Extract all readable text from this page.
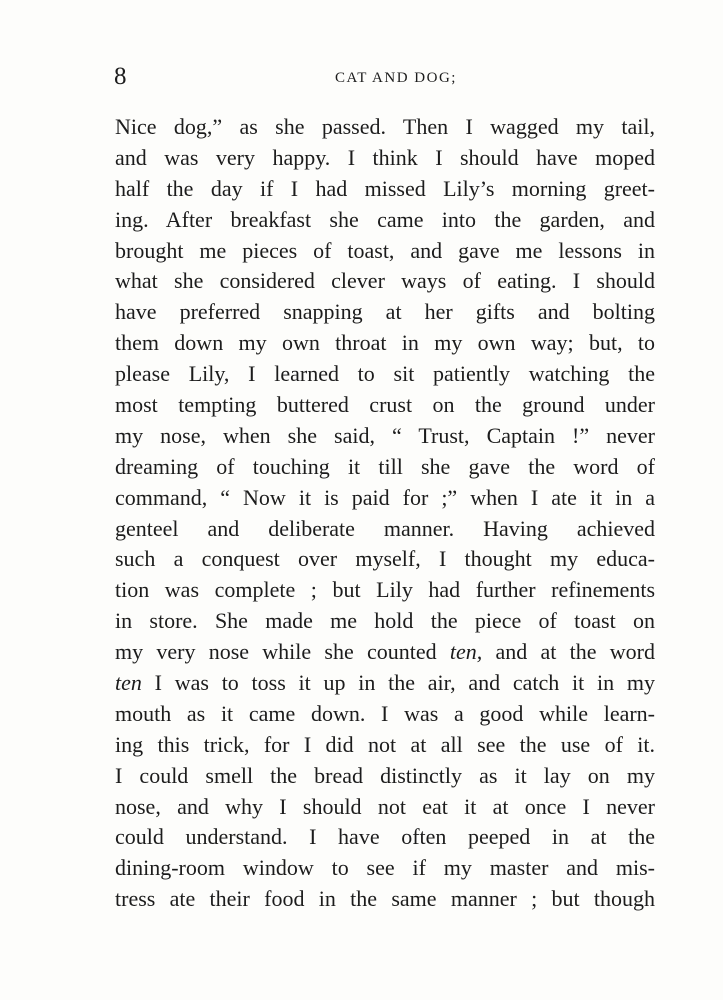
8	CAT AND DOG;
Nice dog,” as she passed. Then I wagged my tail,
and was very happy. I think I should have moped
half the day if I had missed Lily’s morning greet-
ing. After breakfast she came into the garden, and
brought me pieces of toast, and gave me lessons in
what she considered clever ways of eating. I should
have preferred snapping at her gifts and bolting
them down my own throat in my own way; but, to
please Lily, I learned to sit patiently watching the
most tempting buttered crust on the ground under
my nose, when she said, “ Trust, Captain !” never
dreaming of touching it till she gave the word of
command, “ Now it is paid for ;” when I ate it in a
genteel and deliberate manner. Having achieved
such a conquest over myself, I thought my educa-
tion was complete ; but Lily had further refinements
in store. She made me hold the piece of toast on
my very nose while she counted ten, and at the word
ten I was to toss it up in the air, and catch it in my
mouth as it came down. I was a good while learn-
ing this trick, for I did not at all see the use of it.
I could smell the bread distinctly as it lay on my
nose, and why I should not eat it at once I never
could understand. I have often peeped in at the
dining-room window to see if my master and mis-
tress ate their food in the same manner ; but though
